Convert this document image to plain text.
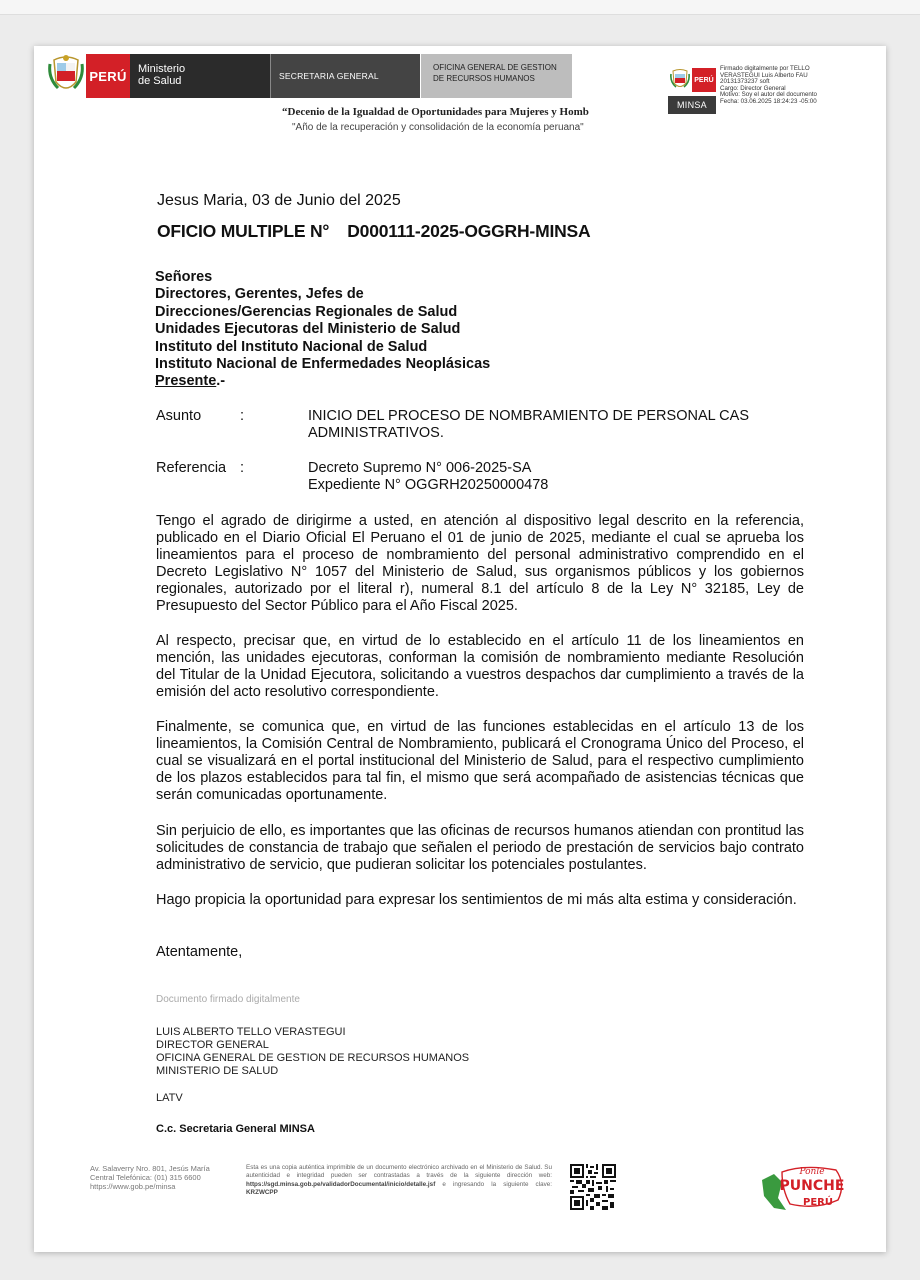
PERÚ	Ministerio
de Salud	SECRETARIA GENERAL
OFICINA GENERAL DE GESTION
DE RECURSOS HUMANOS
“Decenio de la Igualdad de Oportunidades para Mujeres y Homb
"Año de la recuperación y consolidación de la economía peruana"
PERÚ
MINSA
Firmado digitalmente por TELLO
VERASTEGUI Luis Alberto FAU
20131373237 soft
Cargo: Director General
Motivo: Soy el autor del documento
Fecha: 03.06.2025 18:24:23 -05:00
Jesus Maria, 03 de Junio del 2025
OFICIO MULTIPLE N° D000111-2025-OGGRH-MINSA
Señores
Directores, Gerentes, Jefes de
Direcciones/Gerencias Regionales de Salud
Unidades Ejecutoras del Ministerio de Salud
Instituto del Instituto Nacional de Salud
Instituto Nacional de Enfermedades Neoplásicas
Presente.-
Asunto	:	INICIO DEL PROCESO DE NOMBRAMIENTO DE PERSONAL CAS ADMINISTRATIVOS.
Referencia :	Decreto Supremo N° 006-2025-SA
Expediente N° OGGRH20250000478
Tengo el agrado de dirigirme a usted, en atención al dispositivo legal descrito en la referencia, publicado en el Diario Oficial El Peruano el 01 de junio de 2025, mediante el cual se aprueba los lineamientos para el proceso de nombramiento del personal administrativo comprendido en el Decreto Legislativo N° 1057 del Ministerio de Salud, sus organismos públicos y los gobiernos regionales, autorizado por el literal r), numeral 8.1 del artículo 8 de la Ley N° 32185, Ley de Presupuesto del Sector Público para el Año Fiscal 2025.
Al respecto, precisar que, en virtud de lo establecido en el artículo 11 de los lineamientos en mención, las unidades ejecutoras, conforman la comisión de nombramiento mediante Resolución del Titular de la Unidad Ejecutora, solicitando a vuestros despachos dar cumplimiento a través de la emisión del acto resolutivo correspondiente.
Finalmente, se comunica que, en virtud de las funciones establecidas en el artículo 13 de los lineamientos, la Comisión Central de Nombramiento, publicará el Cronograma Único del Proceso, el cual se visualizará en el portal institucional del Ministerio de Salud, para el respectivo cumplimiento de los plazos establecidos para tal fin, el mismo que será acompañado de asistencias técnicas que serán comunicadas oportunamente.
Sin perjuicio de ello, es importantes que las oficinas de recursos humanos atiendan con prontitud las solicitudes de constancia de trabajo que señalen el periodo de prestación de servicios bajo contrato administrativo de servicio, que pudieran solicitar los potenciales postulantes.
Hago propicia la oportunidad para expresar los sentimientos de mi más alta estima y consideración.
Atentamente,
Documento firmado digitalmente
LUIS ALBERTO TELLO VERASTEGUI
DIRECTOR GENERAL
OFICINA GENERAL DE GESTION DE RECURSOS HUMANOS
MINISTERIO DE SALUD
LATV
C.c. Secretaria General MINSA
Av. Salaverry Nro. 801, Jesús María
Central Telefónica: (01) 315 6600
https://www.gob.pe/minsa
Esta es una copia auténtica imprimible de un documento electrónico archivado en el Ministerio de Salud. Su autenticidad e integridad pueden ser contrastadas a través de la siguiente dirección web: https://sgd.minsa.gob.pe/validadorDocumental/inicio/detalle.jsf e ingresando la siguiente clave: KRZWCPP
Ponle
PUNCHE
PERÚ
